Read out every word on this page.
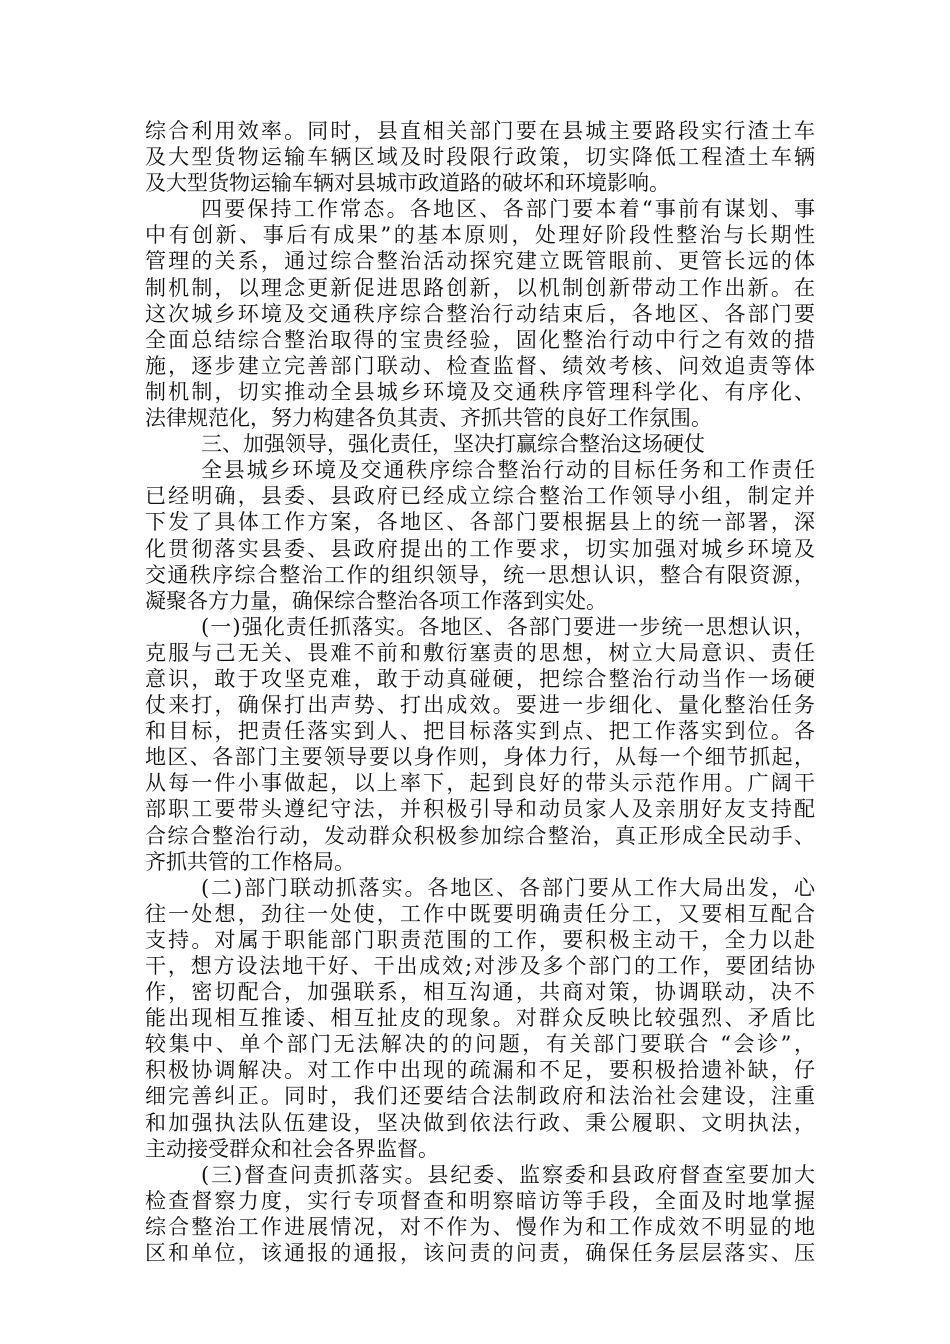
综合利用效率。同时，县直相关部门要在县城主要路段实行渣土车
及大型货物运输车辆区域及时段限行政策，切实降低工程渣土车辆
及大型货物运输车辆对县城市政道路的破坏和环境影响。
四要保持工作常态。各地区、各部门要本着“事前有谋划、事
中有创新、事后有成果”的基本原则，处理好阶段性整治与长期性
管理的关系，通过综合整治活动探究建立既管眼前、更管长远的体
制机制，以理念更新促进思路创新，以机制创新带动工作出新。在
这次城乡环境及交通秩序综合整治行动结束后，各地区、各部门要
全面总结综合整治取得的宝贵经验，固化整治行动中行之有效的措
施，逐步建立完善部门联动、检查监督、绩效考核、问效追责等体
制机制，切实推动全县城乡环境及交通秩序管理科学化、有序化、
法律规范化，努力构建各负其责、齐抓共管的良好工作氛围。
三、加强领导，强化责任，坚决打赢综合整治这场硬仗
全县城乡环境及交通秩序综合整治行动的目标任务和工作责任
已经明确，县委、县政府已经成立综合整治工作领导小组，制定并
下发了具体工作方案，各地区、各部门要根据县上的统一部署，深
化贯彻落实县委、县政府提出的工作要求，切实加强对城乡环境及
交通秩序综合整治工作的组织领导，统一思想认识，整合有限资源，
凝聚各方力量，确保综合整治各项工作落到实处。
(一)强化责任抓落实。各地区、各部门要进一步统一思想认识，
克服与己无关、畏难不前和敷衍塞责的思想，树立大局意识、责任
意识，敢于攻坚克难，敢于动真碰硬，把综合整治行动当作一场硬
仗来打，确保打出声势、打出成效。要进一步细化、量化整治任务
和目标，把责任落实到人、把目标落实到点、把工作落实到位。各
地区、各部门主要领导要以身作则，身体力行，从每一个细节抓起，
从每一件小事做起，以上率下，起到良好的带头示范作用。广阔干
部职工要带头遵纪守法，并积极引导和动员家人及亲朋好友支持配
合综合整治行动，发动群众积极参加综合整治，真正形成全民动手、
齐抓共管的工作格局。
(二)部门联动抓落实。各地区、各部门要从工作大局出发，心
往一处想，劲往一处使，工作中既要明确责任分工，又要相互配合
支持。对属于职能部门职责范围的工作，要积极主动干，全力以赴
干，想方设法地干好、干出成效;对涉及多个部门的工作，要团结协
作，密切配合，加强联系，相互沟通，共商对策，协调联动，决不
能出现相互推诿、相互扯皮的现象。对群众反映比较强烈、矛盾比
较集中、单个部门无法解决的的问题，有关部门要联合 “会诊”，
积极协调解决。对工作中出现的疏漏和不足，要积极拾遗补缺，仔
细完善纠正。同时，我们还要结合法制政府和法治社会建设，注重
和加强执法队伍建设，坚决做到依法行政、秉公履职、文明执法，
主动接受群众和社会各界监督。
(三)督查问责抓落实。县纪委、监察委和县政府督查室要加大
检查督察力度，实行专项督查和明察暗访等手段，全面及时地掌握
综合整治工作进展情况，对不作为、慢作为和工作成效不明显的地
区和单位，该通报的通报，该问责的问责，确保任务层层落实、压
